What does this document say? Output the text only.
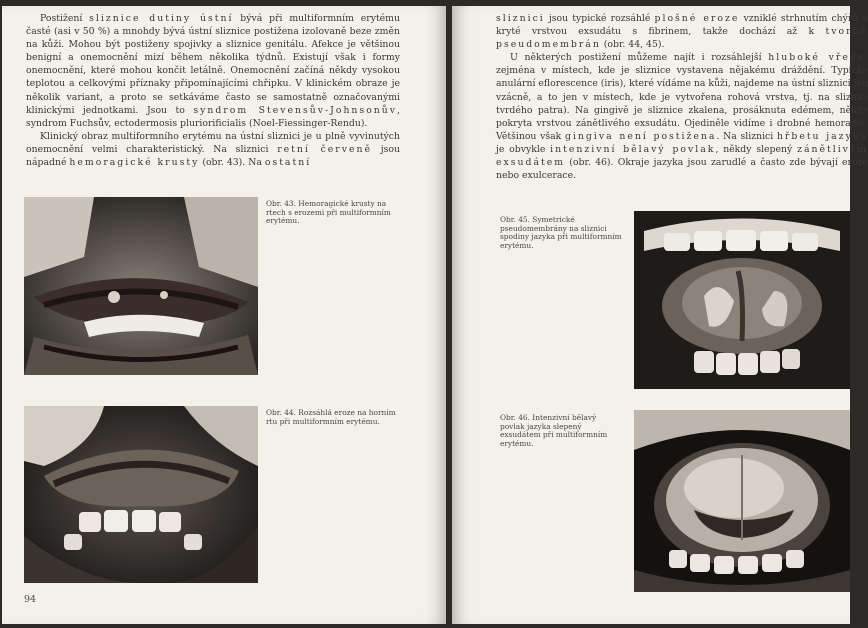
Postižení sliznice dutiny ústní bývá při multiformním erytému časté (asi v 50 %) a mnohdy bývá ústní sliznice postižena izolovaně beze změn na kůži. Mohou být postiženy spojivky a sliznice genitálu. Afekce je většinou benigní a onemocnění mizí během několika týdnů. Existují však i formy onemocnění, které mohou končit letálně. Onemocnění začíná někdy vysokou teplotou a celkovými příznaky připomínajícími chřipku. V klinickém obraze je několik variant, a proto se setkáváme často se samostatně označovanými klinickými jednotkami. Jsou to syndrom Stevensův-Johnsonův, syndrom Fuchsův, ectodermosis pluriorificialis (Noel-Fiessinger-Rendu).

Klinický obraz multiformního erytému na ústní sliznici je u plně vyvinutých onemocnění velmi charakteristický. Na sliznici retní červeně jsou nápadné hemoragické krusty (obr. 43). Na ostatní

Obr. 43. Hemoragické krusty na rtech s erozemi při multiformním erytému.
Obr. 44. Rozsáhlá eroze na horním rtu při multiformním erytému.
94

sliznici jsou typické rozsáhlé plošné eroze vzniklé strhnutím chýřů a kryté vrstvou exsudátu s fibrinem, takže dochází až k tvorbě pseudomembrán (obr. 44, 45).

U některých postižení můžeme najít i rozsáhlejší hluboké vředy, zejména v místech, kde je sliznice vystavena nějakému dráždění. Typické anulární eflorescence (iris), které vídáme na kůži, najdeme na ústní sliznici jen vzácně, a to jen v místech, kde je vytvořena rohová vrstva, tj. na sliznici tvrdého patra). Na gingivě je sliznice zkalena, prosáknuta edémem, někdy pokryta vrstvou zánětlivého exsudátu. Ojediněle vidíme i drobné hemoragie. Většinou však gingiva není postižena. Na sliznici hřbetu jazyka je obvykle intenzivní bělavý povlak, někdy slepený zánětlivým exsudátem (obr. 46). Okraje jazyka jsou zarudlé a často zde bývají eroze nebo exulcerace.

Obr. 45. Symetrické pseudomembrány na sliznici spodiny jazyka při multiformním erytému.
Obr. 46. Intenzivní bělavý povlak jazyka slepený exsudátem při multiformním erytému.
